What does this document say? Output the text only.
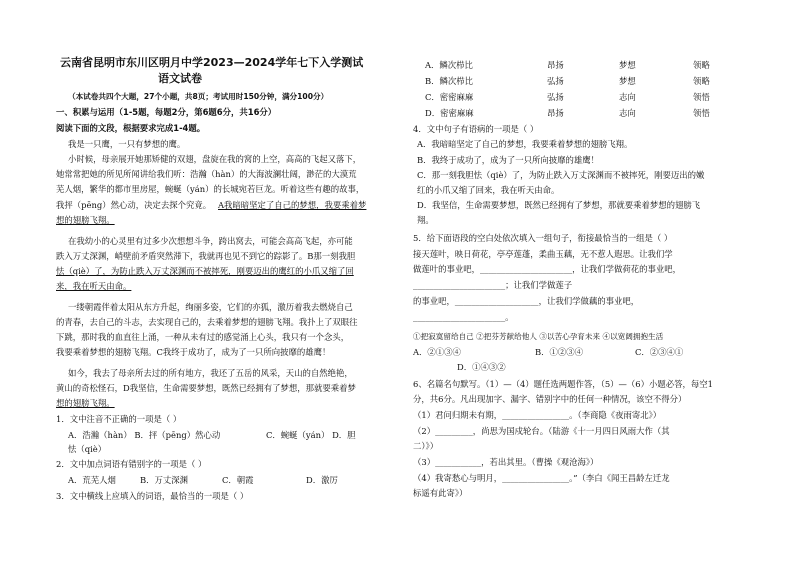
云南省昆明市东川区明月中学2023—2024学年七下入学测试
语文试卷
（本试卷共四个大题，27个小题，共8页；考试用时150分钟，满分100分）
一、积累与运用（1-5题，每题2分，第6题6分，共16分）
阅读下面的文段，根据要求完成1-4题。
我是一只鹰，一只有梦想的鹰。
小时候，母亲展开她那矫健的双翅，盘旋在我的窝的上空，高高的飞起又落下，
她常常把她的所见所闻讲给我们听：浩瀚（hàn）的大海波澜壮阔，渺茫的大漠荒
芜人烟，繁华的都市里房屋，蜿蜒（yán）的长城宛若巨龙。听着这些有趣的故事，
我抨（pēng）然心动，决定去探个究竟。 A我暗暗坚定了自己的梦想，我要乘着梦
想的翅膀飞翔。
在我幼小的心灵里有过多少次想想斗争，跨出窝去，可能会高高飞起，亦可能
跌入万丈深渊，峭壁前矛盾突然滞下，我就再也见不到它的踪影了。B那一刻我胆
怯（qiè）了，为防止跌入万丈深渊而不被摔死，刚要迈出的鹰红的小爪又缩了回
来，我在听天由命。
一缕朝霞伴着太阳从东方升起，绚丽多姿，它们的亦狐，激历着我去燃烧自己
的青春，去自己的斗志，去实现自己的，去乘着梦想的翅膀飞翔。我扑上了双眼往
下跳，那时我的血直往上涌，一种从未有过的感觉涌上心头，我只有一个念头，
我要乘着梦想的翅膀飞翔。C我终于成功了，成为了一只所向披靡的雄鹰！
如今，我去了母亲所去过的所有地方，我还了五岳的风采，天山的自然绝艳，
黄山的奇松怪石，D我坚信，生命需要梦想，既然已经拥有了梦想，那就要乘着梦
想的翅膀飞翔。
1．文中注音不正确的一项是（ ）
A．浩瀚（hàn） B．抨（pēng）然心动	C．蜿蜒（yán） D．胆
怯（qiè）
2．文中加点词语有错别字的一项是（ ）
A．荒芜人烟	B．万丈深渊	C．朝霞	D．激厉
3．文中横线上应填入的词语，最恰当的一项是（ ）
A．鳞次栉比	昂扬	梦想	领略
B．鳞次栉比	弘扬	梦想	领略
C．密密麻麻	弘扬	志向	领悟
D．密密麻麻	昂扬	志向	领悟
4．文中句子有语病的一项是（ ）
A．我暗暗坚定了自己的梦想，我要乘着梦想的翅膀飞翔。
B．我终于成功了，成为了一只所向披靡的雄鹰！
C．那一刻我胆怯（qiè）了，为防止跌入万丈深渊而不被摔死，刚要迈出的嫩
红的小爪又缩了回来，我在听天由命。
D．我坚信，生命需要梦想，既然已经拥有了梦想，那就要乘着梦想的翅膀飞
翔。
5．给下面语段的空白处依次填入一组句子，衔接最恰当的一组是（ ）
接天莲叶，映日荷花，亭亭莲蓬，柔曲玉藕，无不惹人遐思。让我们学
做莲叶的事业吧，______________________，让我们学做荷花的事业吧，
______________________；让我们学做莲子
的事业吧，____________________，让我们学做藕的事业吧，
______________________。
①把寂寞留给自己 ②把芬芳献给他人 ③以苦心孕育未来 ④以宽阔拥抱生活
A．②①③④	B．①②③④	C．②③④①
D．①④③②
6、名篇名句默写。（1）—（4）题任选两题作答，（5）—（6）小题必答，每空1
分，共6分。凡出现加字、漏字、错别字中的任何一种情况，该空不得分）
（1）君问归期未有期，________________。（李商隐《夜雨寄北》）
（2）_________，尚思为国戍轮台。（陆游《十一月四日风雨大作（其
二）》）
（3）___________，若出其里。（曹操《观沧海》）
（4）我寄愁心与明月，________________。”（李白《闻王昌龄左迁龙
标遥有此寄》）
